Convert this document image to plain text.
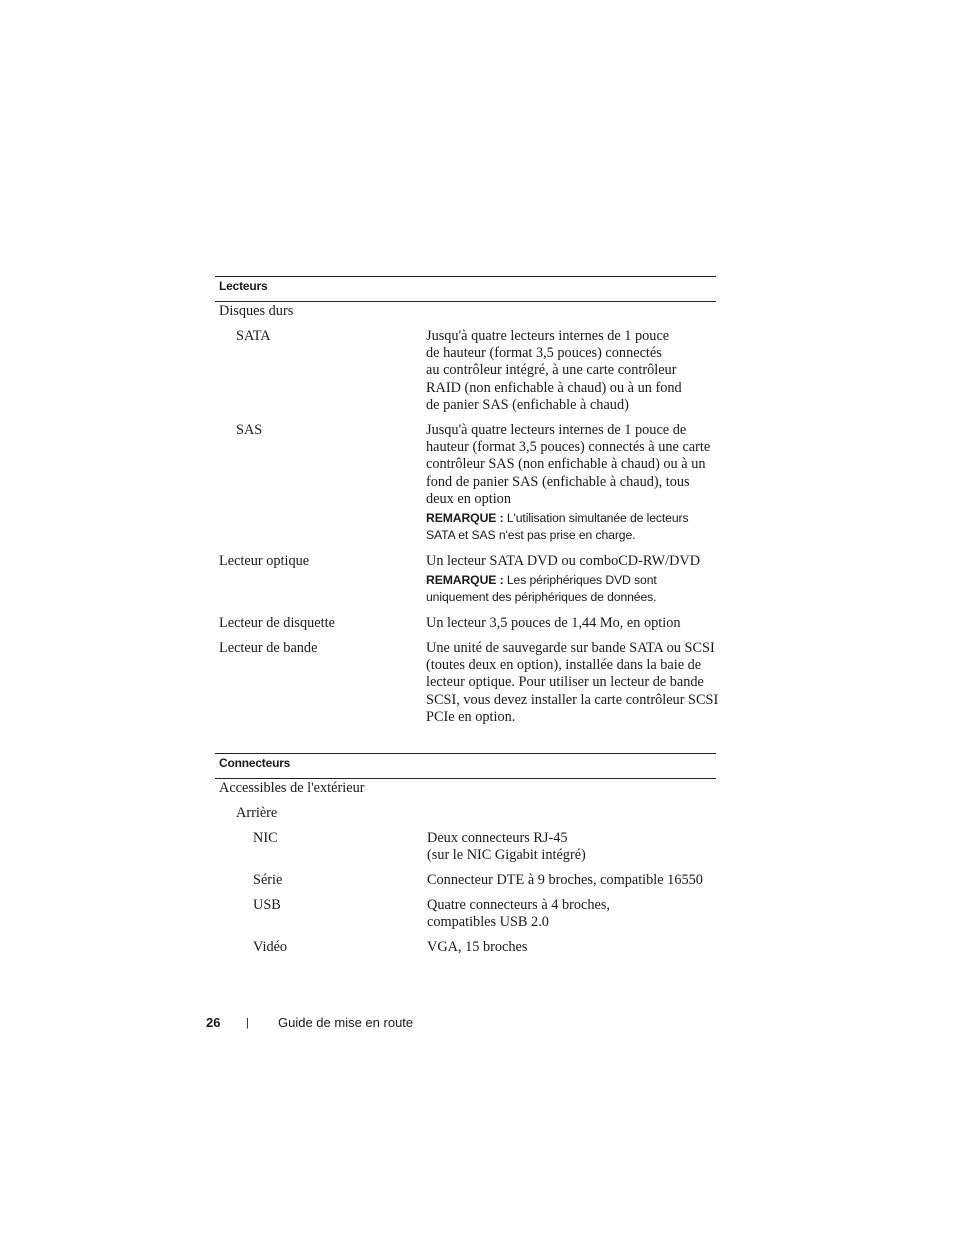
Lecteurs
Disques durs
SATA	Jusqu'à quatre lecteurs internes de 1 pouce
de hauteur (format 3,5 pouces) connectés
au contrôleur intégré, à une carte contrôleur
RAID (non enfichable à chaud) ou à un fond
de panier SAS (enfichable à chaud)
SAS	Jusqu'à quatre lecteurs internes de 1 pouce de
hauteur (format 3,5 pouces) connectés à une carte
contrôleur SAS (non enfichable à chaud) ou à un
fond de panier SAS (enfichable à chaud), tous
deux en option
REMARQUE : L'utilisation simultanée de lecteurs
SATA et SAS n'est pas prise en charge.
Lecteur optique	Un lecteur SATA DVD ou comboCD-RW/DVD
REMARQUE : Les périphériques DVD sont
uniquement des périphériques de données.
Lecteur de disquette	Un lecteur 3,5 pouces de 1,44 Mo, en option
Lecteur de bande	Une unité de sauvegarde sur bande SATA ou SCSI
(toutes deux en option), installée dans la baie de
lecteur optique. Pour utiliser un lecteur de bande
SCSI, vous devez installer la carte contrôleur SCSI
PCIe en option.
Connecteurs
Accessibles de l'extérieur
Arrière
NIC	Deux connecteurs RJ-45
(sur le NIC Gigabit intégré)
Série	Connecteur DTE à 9 broches, compatible 16550
USB	Quatre connecteurs à 4 broches,
compatibles USB 2.0
Vidéo	VGA, 15 broches
26 | Guide de mise en route
